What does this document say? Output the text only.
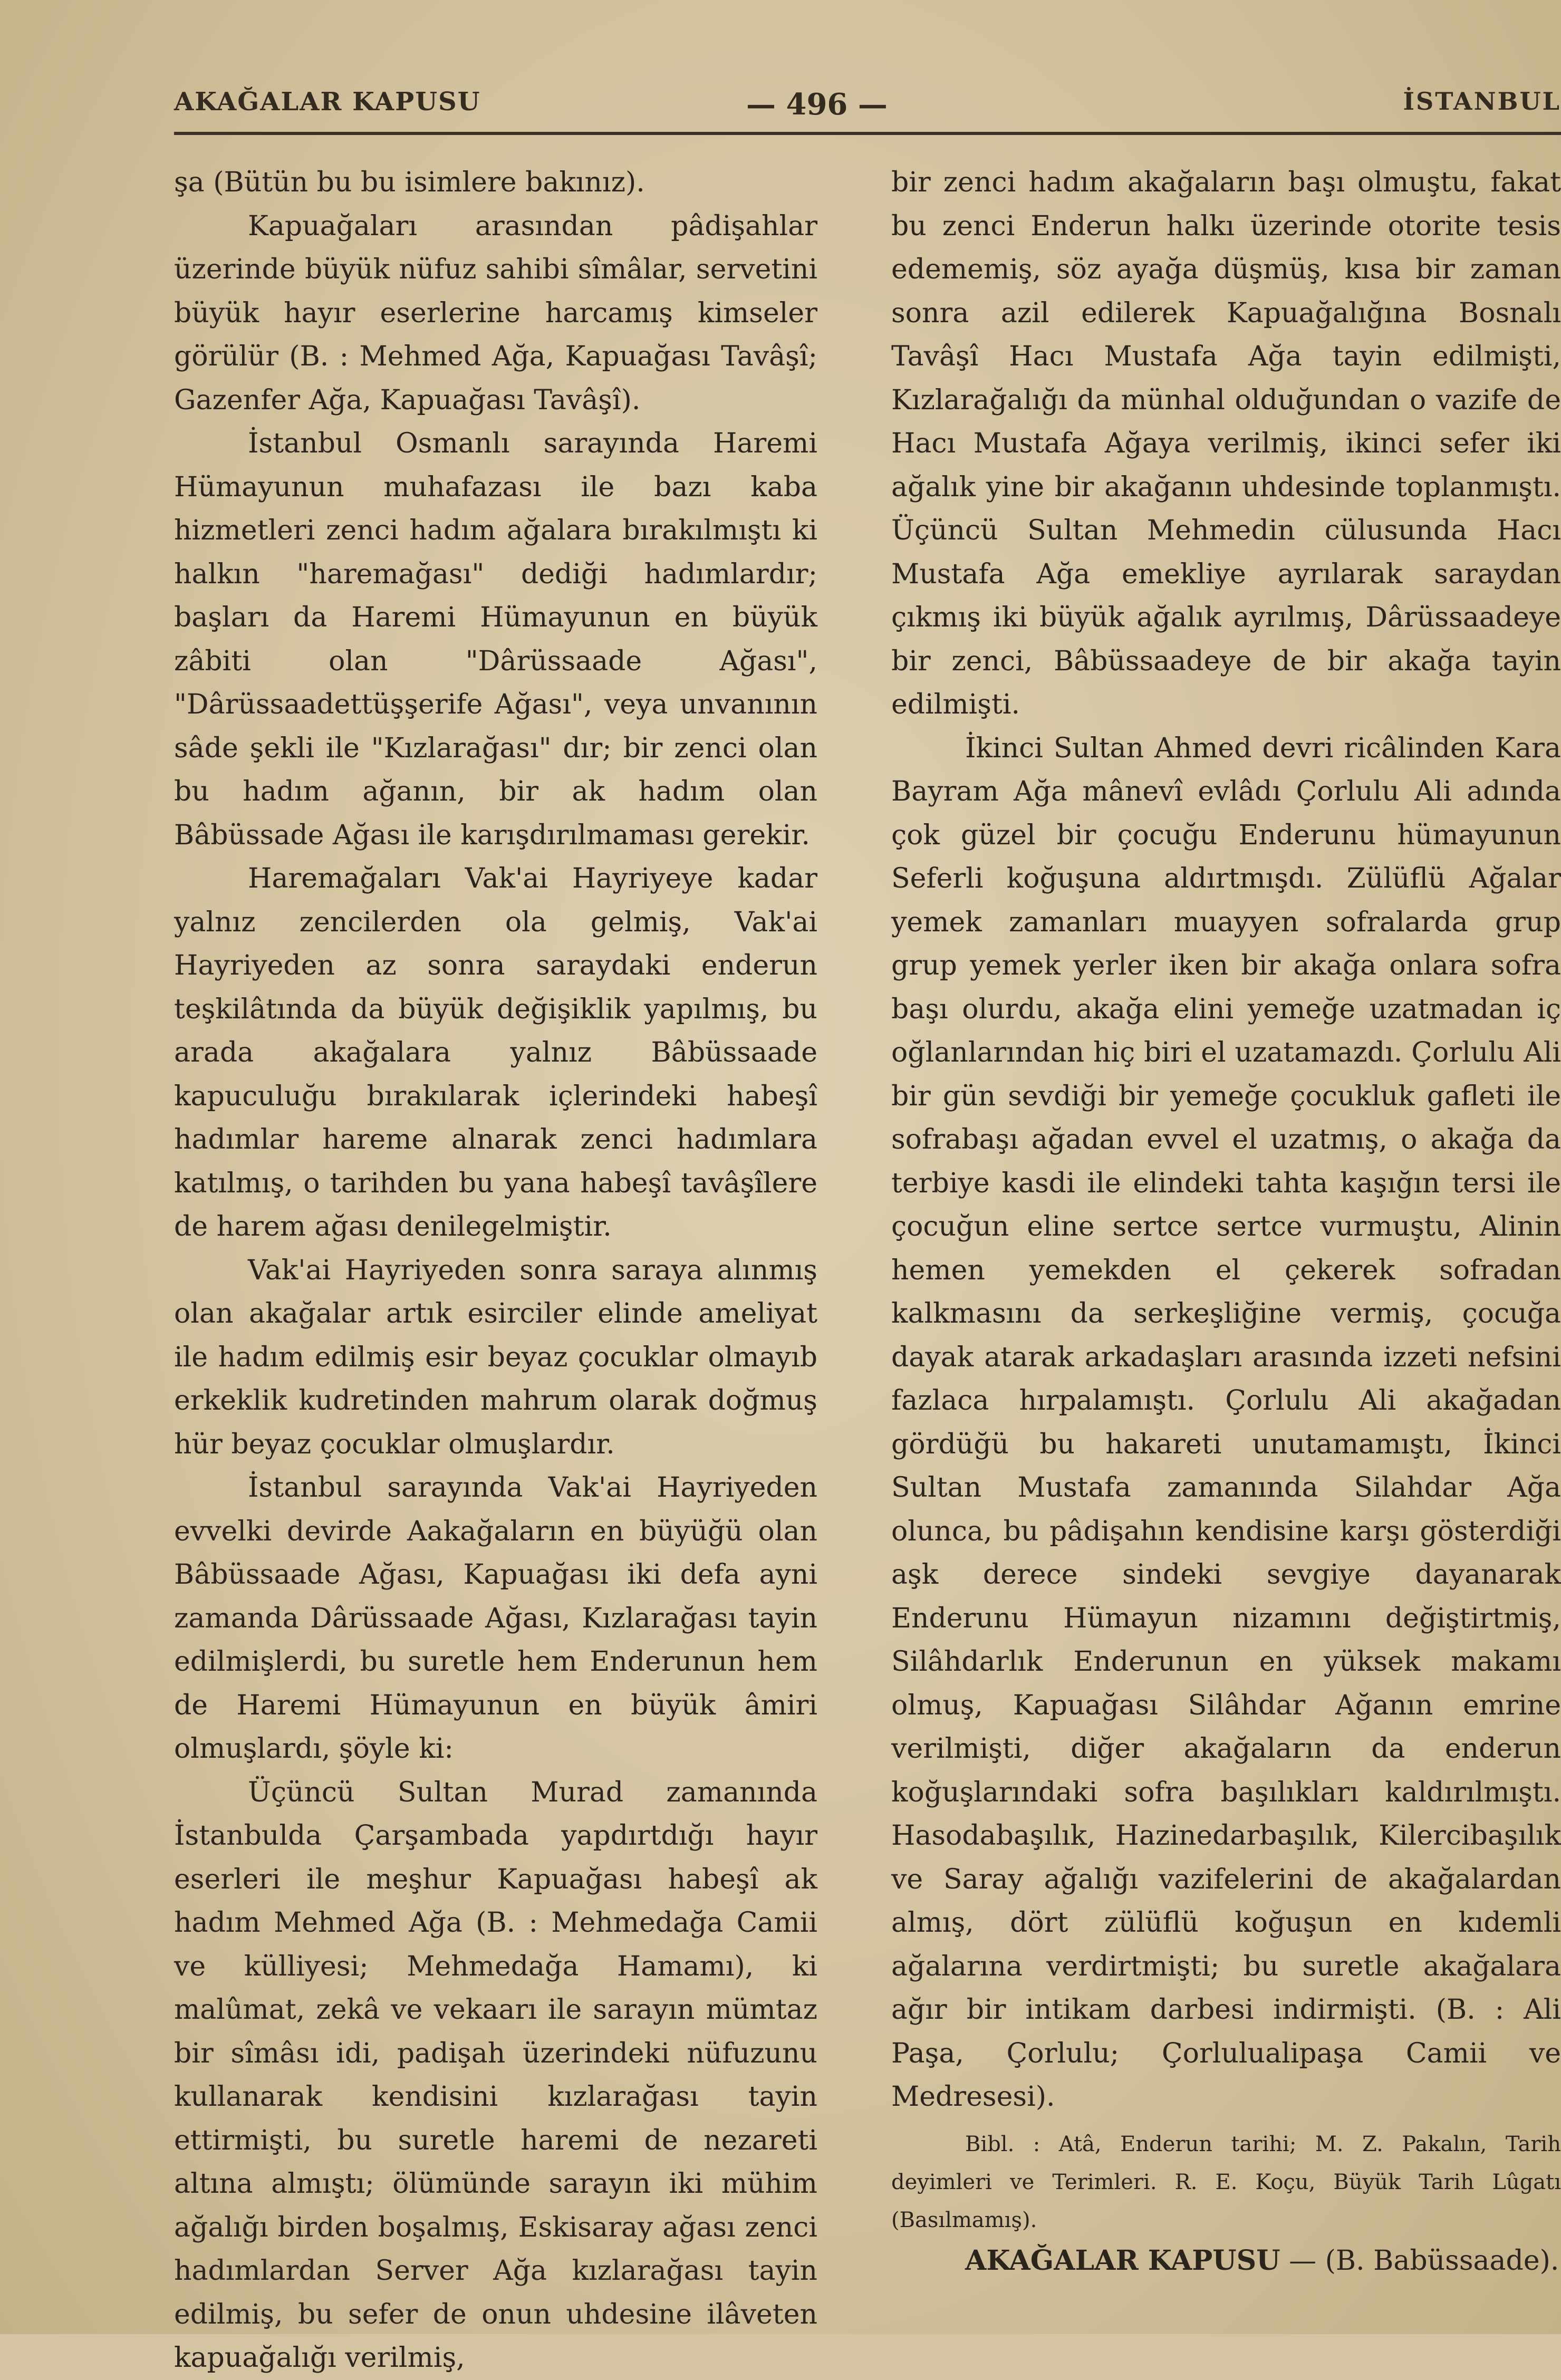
AKAĞALAR KAPUSU	— 496 —	İSTANBUL

şa (Bütün bu bu isimlere bakınız).

Kapuağaları arasından pâdişahlar üzerinde büyük nüfuz sahibi sîmâlar, servetini büyük hayır eserlerine harcamış kimseler görülür (B. : Mehmed Ağa, Kapuağası Tavâşî; Gazenfer Ağa, Kapuağası Tavâşî).

İstanbul Osmanlı sarayında Haremi Hümayunun muhafazası ile bazı kaba hizmetleri zenci hadım ağalara bırakılmıştı ki halkın "haremağası" dediği hadımlardır; başları da Haremi Hümayunun en büyük zâbiti olan "Dârüssaade Ağası", "Dârüssaadettüşşerife Ağası", veya unvanının sâde şekli ile "Kızlarağası" dır; bir zenci olan bu hadım ağanın, bir ak hadım olan Bâbüssade Ağası ile karışdırılmaması gerekir.

Haremağaları Vak'ai Hayriyeye kadar yalnız zencilerden ola gelmiş, Vak'ai Hayriyeden az sonra saraydaki enderun teşkilâtında da büyük değişiklik yapılmış, bu arada akağalara yalnız Bâbüssaade kapuculuğu bırakılarak içlerindeki habeşî hadımlar hareme alnarak zenci hadımlara katılmış, o tarihden bu yana habeşî tavâşîlere de harem ağası denilegelmiştir.

Vak'ai Hayriyeden sonra saraya alınmış olan akağalar artık esirciler elinde ameliyat ile hadım edilmiş esir beyaz çocuklar olmayıb erkeklik kudretinden mahrum olarak doğmuş hür beyaz çocuklar olmuşlardır.

İstanbul sarayında Vak'ai Hayriyeden evvelki devirde Aakağaların en büyüğü olan Bâbüssaade Ağası, Kapuağası iki defa ayni zamanda Dârüssaade Ağası, Kızlarağası tayin edilmişlerdi, bu suretle hem Enderunun hem de Haremi Hümayunun en büyük âmiri olmuşlardı, şöyle ki:

Üçüncü Sultan Murad zamanında İstanbulda Çarşambada yapdırtdığı hayır eserleri ile meşhur Kapuağası habeşî ak hadım Mehmed Ağa (B. : Mehmedağa Camii ve külliyesi; Mehmedağa Hamamı), ki malûmat, zekâ ve vekaarı ile sarayın mümtaz bir sîmâsı idi, padişah üzerindeki nüfuzunu kullanarak kendisini kızlarağası tayin ettirmişti, bu suretle haremi de nezareti altına almıştı; ölümünde sarayın iki mühim ağalığı birden boşalmış, Eskisaray ağası zenci hadımlardan Server Ağa kızlarağası tayin edilmiş, bu sefer de onun uhdesine ilâveten kapuağalığı verilmiş,

bir zenci hadım akağaların başı olmuştu, fakat bu zenci Enderun halkı üzerinde otorite tesis edememiş, söz ayağa düşmüş, kısa bir zaman sonra azil edilerek Kapuağalığına Bosnalı Tavâşî Hacı Mustafa Ağa tayin edilmişti, Kızlarağalığı da münhal olduğundan o vazife de Hacı Mustafa Ağaya verilmiş, ikinci sefer iki ağalık yine bir akağanın uhdesinde toplanmıştı. Üçüncü Sultan Mehmedin cülusunda Hacı Mustafa Ağa emekliye ayrılarak saraydan çıkmış iki büyük ağalık ayrılmış, Dârüssaadeye bir zenci, Bâbüssaadeye de bir akağa tayin edilmişti.

İkinci Sultan Ahmed devri ricâlinden Kara Bayram Ağa mânevî evlâdı Çorlulu Ali adında çok güzel bir çocuğu Enderunu hümayunun Seferli koğuşuna aldırtmışdı. Zülüflü Ağalar yemek zamanları muayyen sofralarda grup grup yemek yerler iken bir akağa onlara sofra başı olurdu, akağa elini yemeğe uzatmadan iç oğlanlarından hiç biri el uzatamazdı. Çorlulu Ali bir gün sevdiği bir yemeğe çocukluk gafleti ile sofrabaşı ağadan evvel el uzatmış, o akağa da terbiye kasdi ile elindeki tahta kaşığın tersi ile çocuğun eline sertce sertce vurmuştu, Alinin hemen yemekden el çekerek sofradan kalkmasını da serkeşliğine vermiş, çocuğa dayak atarak arkadaşları arasında izzeti nefsini fazlaca hırpalamıştı. Çorlulu Ali akağadan gördüğü bu hakareti unutamamıştı, İkinci Sultan Mustafa zamanında Silahdar Ağa olunca, bu pâdişahın kendisine karşı gösterdiği aşk derece sindeki sevgiye dayanarak Enderunu Hümayun nizamını değiştirtmiş, Silâhdarlık Enderunun en yüksek makamı olmuş, Kapuağası Silâhdar Ağanın emrine verilmişti, diğer akağaların da enderun koğuşlarındaki sofra başılıkları kaldırılmıştı. Hasodabaşılık, Hazinedarbaşılık, Kilercibaşılık ve Saray ağalığı vazifelerini de akağalardan almış, dört zülüflü koğuşun en kıdemli ağalarına verdirtmişti; bu suretle akağalara ağır bir intikam darbesi indirmişti. (B. : Ali Paşa, Çorlulu; Çorlulualipaşa Camii ve Medresesi).

Bibl. : Atâ, Enderun tarihi; M. Z. Pakalın, Tarih deyimleri ve Terimleri. R. E. Koçu, Büyük Tarih Lûgatı (Basılmamış).

AKAĞALAR KAPUSU — (B. Babüssaade).
